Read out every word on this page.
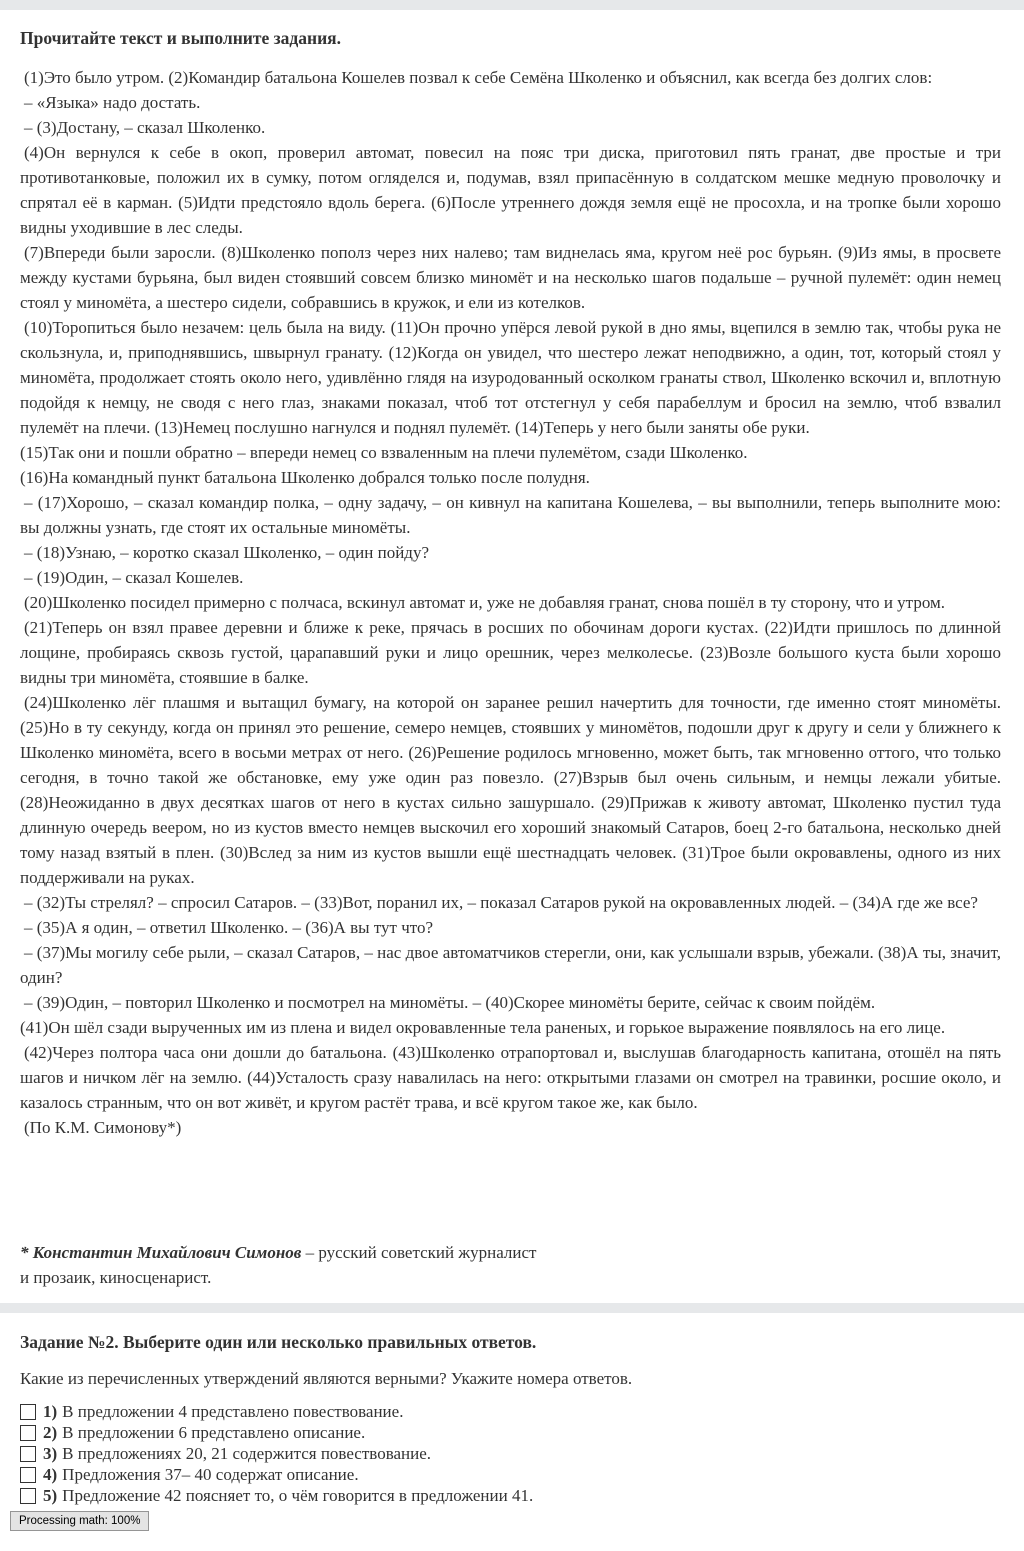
Прочитайте текст и выполните задания.

(1)Это было утром. (2)Командир батальона Кошелев позвал к себе Семёна Школенко и объяснил, как всегда без долгих слов:

– «Языка» надо достать.

– (3)Достану, – сказал Школенко.

(4)Он вернулся к себе в окоп, проверил автомат, повесил на пояс три диска, приготовил пять гранат, две простые и три противотанковые, положил их в сумку, потом огляделся и, подумав, взял припасённую в солдатском мешке медную проволочку и спрятал её в карман. (5)Идти предстояло вдоль берега. (6)После утреннего дождя земля ещё не просохла, и на тропке были хорошо видны уходившие в лес следы.

(7)Впереди были заросли. (8)Школенко пополз через них налево; там виднелась яма, кругом неё рос бурьян. (9)Из ямы, в просвете между кустами бурьяна, был виден стоявший совсем близко миномёт и на несколько шагов подальше – ручной пулемёт: один немец стоял у миномёта, а шестеро сидели, собравшись в кружок, и ели из котелков.

(10)Торопиться было незачем: цель была на виду. (11)Он прочно упёрся левой рукой в дно ямы, вцепился в землю так, чтобы рука не скользнула, и, приподнявшись, швырнул гранату. (12)Когда он увидел, что шестеро лежат неподвижно, а один, тот, который стоял у миномёта, продолжает стоять около него, удивлённо глядя на изуродованный осколком гранаты ствол, Школенко вскочил и, вплотную подойдя к немцу, не сводя с него глаз, знаками показал, чтоб тот отстегнул у себя парабеллум и бросил на землю, чтоб взвалил пулемёт на плечи. (13)Немец послушно нагнулся и поднял пулемёт. (14)Теперь у него были заняты обе руки.

(15)Так они и пошли обратно – впереди немец со взваленным на плечи пулемётом, сзади Школенко.

(16)На командный пункт батальона Школенко добрался только после полудня.

– (17)Хорошо, – сказал командир полка, – одну задачу, – он кивнул на капитана Кошелева, – вы выполнили, теперь выполните мою: вы должны узнать, где стоят их остальные миномёты.

– (18)Узнаю, – коротко сказал Школенко, – один пойду?

– (19)Один, – сказал Кошелев.

(20)Школенко посидел примерно с полчаса, вскинул автомат и, уже не добавляя гранат, снова пошёл в ту сторону, что и утром.

(21)Теперь он взял правее деревни и ближе к реке, прячась в росших по обочинам дороги кустах. (22)Идти пришлось по длинной лощине, пробираясь сквозь густой, царапавший руки и лицо орешник, через мелколесье. (23)Возле большого куста были хорошо видны три миномёта, стоявшие в балке.

(24)Школенко лёг плашмя и вытащил бумагу, на которой он заранее решил начертить для точности, где именно стоят миномёты. (25)Но в ту секунду, когда он принял это решение, семеро немцев, стоявших у миномётов, подошли друг к другу и сели у ближнего к Школенко миномёта, всего в восьми метрах от него. (26)Решение родилось мгновенно, может быть, так мгновенно оттого, что только сегодня, в точно такой же обстановке, ему уже один раз повезло. (27)Взрыв был очень сильным, и немцы лежали убитые. (28)Неожиданно в двух десятках шагов от него в кустах сильно зашуршало. (29)Прижав к животу автомат, Школенко пустил туда длинную очередь веером, но из кустов вместо немцев выскочил его хороший знакомый Сатаров, боец 2-го батальона, несколько дней тому назад взятый в плен. (30)Вслед за ним из кустов вышли ещё шестнадцать человек. (31)Трое были окровавлены, одного из них поддерживали на руках.

– (32)Ты стрелял? – спросил Сатаров. – (33)Вот, поранил их, – показал Сатаров рукой на окровавленных людей. – (34)А где же все?

– (35)А я один, – ответил Школенко. – (36)А вы тут что?

– (37)Мы могилу себе рыли, – сказал Сатаров, – нас двое автоматчиков стерегли, они, как услышали взрыв, убежали. (38)А ты, значит, один?

– (39)Один, – повторил Школенко и посмотрел на миномёты. – (40)Скорее миномёты берите, сейчас к своим пойдём.

(41)Он шёл сзади вырученных им из плена и видел окровавленные тела раненых, и горькое выражение появлялось на его лице.

(42)Через полтора часа они дошли до батальона. (43)Школенко отрапортовал и, выслушав благодарность капитана, отошёл на пять шагов и ничком лёг на землю. (44)Усталость сразу навалилась на него: открытыми глазами он смотрел на травинки, росшие около, и казалось странным, что он вот живёт, и кругом растёт трава, и всё кругом такое же, как было.

(По К.М. Симонову*)

* Константин Михайлович Симонов – русский советский журналист
и прозаик, киносценарист.
Задание №2. Выберите один или несколько правильных ответов.
Какие из перечисленных утверждений являются верными? Укажите номера ответов.
1) В предложении 4 представлено повествование.
2) В предложении 6 представлено описание.
3) В предложениях 20, 21 содержится повествование.
4) Предложения 37– 40 содержат описание.
5) Предложение 42 поясняет то, о чём говорится в предложении 41.
Processing math: 100%
